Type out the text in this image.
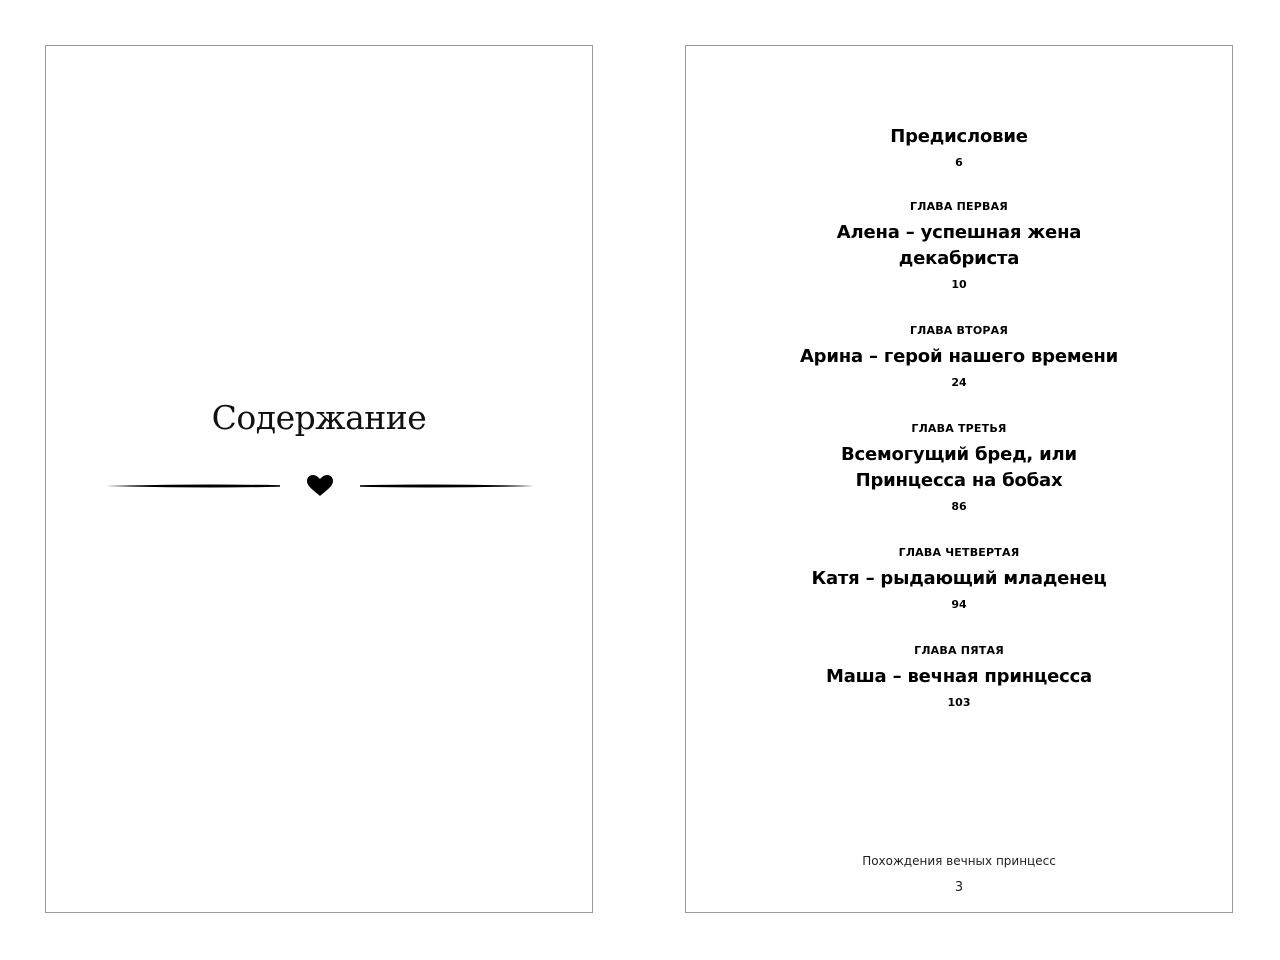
Содержание
Предисловие
6
ГЛАВА ПЕРВАЯ
Алена – успешная жена декабриста
10
ГЛАВА ВТОРАЯ
Арина – герой нашего времени
24
ГЛАВА ТРЕТЬЯ
Всемогущий бред, или Принцесса на бобах
86
ГЛАВА ЧЕТВЕРТАЯ
Катя – рыдающий младенец
94
ГЛАВА ПЯТАЯ
Маша – вечная принцесса
103
Похождения вечных принцесс
3
